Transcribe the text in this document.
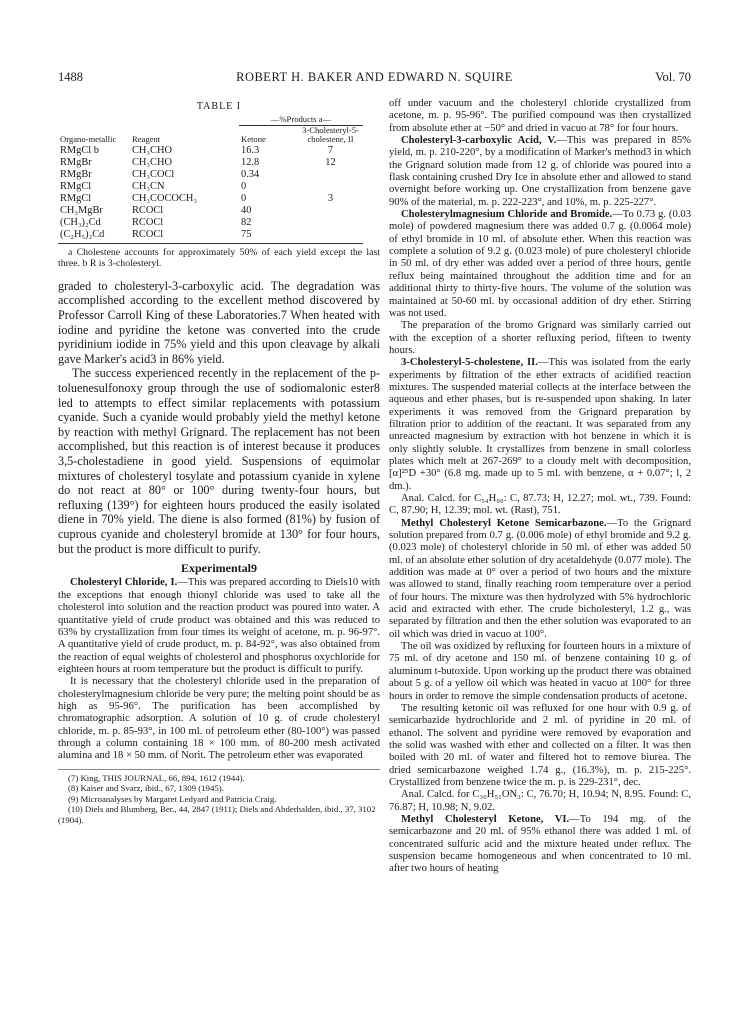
1488	ROBERT H. BAKER AND EDWARD N. SQUIRE	Vol. 70
TABLE I
		—%Products a—	
Organo-metallic	Reagent	Ketone	3-Cholesteryl-5-cholestene, II
RMgCl b	CH₃CHO	16.3	7
RMgBr	CH₃CHO	12.8	12
RMgBr	CH₃COCl	0.34	
RMgCl	CH₃CN	0	
RMgCl	CH₃COCOCH₃	0	3
CH₃MgBr	RCOCl	40	
(CH₃)₂Cd	RCOCl	82	
(C₂H₅)₂Cd	RCOCl	75	
a Cholestene accounts for approximately 50% of each yield except the last three. b R is 3-cholesteryl.

graded to cholesteryl-3-carboxylic acid. The degradation was accomplished according to the excellent method discovered by Professor Carroll King of these Laboratories.7 When heated with iodine and pyridine the ketone was converted into the crude pyridinium iodide in 75% yield and this upon cleavage by alkali gave Marker's acid3 in 86% yield.

The success experienced recently in the replacement of the p-toluenesulfonoxy group through the use of sodiomalonic ester8 led to attempts to effect similar replacements with potassium cyanide. Such a cyanide would probably yield the methyl ketone by reaction with methyl Grignard. The replacement has not been accomplished, but this reaction is of interest because it produces 3,5-cholestadiene in good yield. Suspensions of equimolar mixtures of cholesteryl tosylate and potassium cyanide in xylene do not react at 80° or 100° during twenty-four hours, but refluxing (139°) for eighteen hours produced the easily isolated diene in 70% yield. The diene is also formed (81%) by fusion of cuprous cyanide and cholesteryl bromide at 130° for four hours, but the product is more difficult to purify.

Experimental9

Cholesteryl Chloride, I.—This was prepared according to Diels10 with the exceptions that enough thionyl chloride was used to take all the cholesterol into solution and the reaction product was poured into water. A quantitative yield of crude product was obtained and this was reduced to 63% by crystallization from four times its weight of acetone, m. p. 96-97°. A quantitative yield of crude product, m. p. 84-92°, was also obtained from the reaction of equal weights of cholesterol and phosphorus oxychloride for eighteen hours at room temperature but the product is difficult to purify.

It is necessary that the cholesteryl chloride used in the preparation of cholesterylmagnesium chloride be very pure; the melting point should be as high as 95-96°. The purification has been accomplished by chromatographic adsorption. A solution of 10 g. of crude cholesteryl chloride, m. p. 85-93°, in 100 ml. of petroleum ether (80-100°) was passed through a column containing 18 × 100 mm. of 80-200 mesh activated alumina and 18 × 50 mm. of Norit. The petroleum ether was evaporated

(7) King, THIS JOURNAL, 66, 894, 1612 (1944).

(8) Kaiser and Svarz, ibid., 67, 1309 (1945).

(9) Microanalyses by Margaret Ledyard and Patricia Craig.

(10) Diels and Blumberg, Ber., 44, 2847 (1911); Diels and Abderhalden, ibid., 37, 3102 (1904).

off under vacuum and the cholesteryl chloride crystallized from acetone, m. p. 95-96°. The purified compound was then crystallized from absolute ether at −50° and dried in vacuo at 78° for four hours.

Cholesteryl-3-carboxylic Acid, V.—This was prepared in 85% yield, m. p. 210-220°, by a modification of Marker's method3 in which the Grignard solution made from 12 g. of chloride was poured into a flask containing crushed Dry Ice in absolute ether and allowed to stand overnight before working up. One crystallization from benzene gave 90% of the material, m. p. 222-223°, and 10%, m. p. 225-227°.

Cholesterylmagnesium Chloride and Bromide.—To 0.73 g. (0.03 mole) of powdered magnesium there was added 0.7 g. (0.0064 mole) of ethyl bromide in 10 ml. of absolute ether. When this reaction was complete a solution of 9.2 g. (0.023 mole) of pure cholesteryl chloride in 50 ml. of dry ether was added over a period of three hours, gentle reflux being maintained throughout the addition time and for an additional thirty to thirty-five hours. The volume of the solution was maintained at 50-60 ml. by occasional addition of dry ether. Stirring was not used.

The preparation of the bromo Grignard was similarly carried out with the exception of a shorter refluxing period, fifteen to twenty hours.

3-Cholesteryl-5-cholestene, II.—This was isolated from the early experiments by filtration of the ether extracts of acidified reaction mixtures. The suspended material collects at the interface between the aqueous and ether phases, but is re-suspended upon shaking. In later experiments it was removed from the Grignard preparation by filtration prior to addition of the reactant. It was separated from any unreacted magnesium by extraction with hot benzene in which it is only slightly soluble. It crystallizes from benzene in small colorless plates which melt at 267-269° to a cloudy melt with decomposition, [α]²⁵D +30° (6.8 mg. made up to 5 ml. with benzene, α + 0.07°; l, 2 dm.).

Anal. Calcd. for C₅₄H₉₀: C, 87.73; H, 12.27; mol. wt., 739. Found: C, 87.90; H, 12.39; mol. wt. (Rast), 751.

Methyl Cholesteryl Ketone Semicarbazone.—To the Grignard solution prepared from 0.7 g. (0.006 mole) of ethyl bromide and 9.2 g. (0.023 mole) of cholesteryl chloride in 50 ml. of ether was added 50 ml. of an absolute ether solution of dry acetaldehyde (0.077 mole). The addition was made at 0° over a period of two hours and the mixture was allowed to stand, finally reaching room temperature over a period of four hours. The mixture was then hydrolyzed with 5% hydrochloric acid and extracted with ether. The crude bicholesteryl, 1.2 g., was separated by filtration and then the ether solution was evaporated to an oil which was dried in vacuo at 100°.

The oil was oxidized by refluxing for fourteen hours in a mixture of 75 ml. of dry acetone and 150 ml. of benzene containing 10 g. of aluminum t-butoxide. Upon working up the product there was obtained about 5 g. of a yellow oil which was heated in vacuo at 100° for three hours in order to remove the simple condensation products of acetone.

The resulting ketonic oil was refluxed for one hour with 0.9 g. of semicarbazide hydrochloride and 2 ml. of pyridine in 20 ml. of ethanol. The solvent and pyridine were removed by evaporation and the solid was washed with ether and collected on a filter. It was then boiled with 20 ml. of water and filtered hot to remove biurea. The dried semicarbazone weighed 1.74 g., (16.3%), m. p. 215-225°. Crystallized from benzene twice the m. p. is 229-231°, dec.

Anal. Calcd. for C₃₀H₅₁ON₃: C, 76.70; H, 10.94; N, 8.95. Found: C, 76.87; H, 10.98; N, 9.02.

Methyl Cholesteryl Ketone, VI.—To 194 mg. of the semicarbazone and 20 ml. of 95% ethanol there was added 1 ml. of concentrated sulfuric acid and the mixture heated under reflux. The suspension became homogeneous and when concentrated to 10 ml. after two hours of heating
